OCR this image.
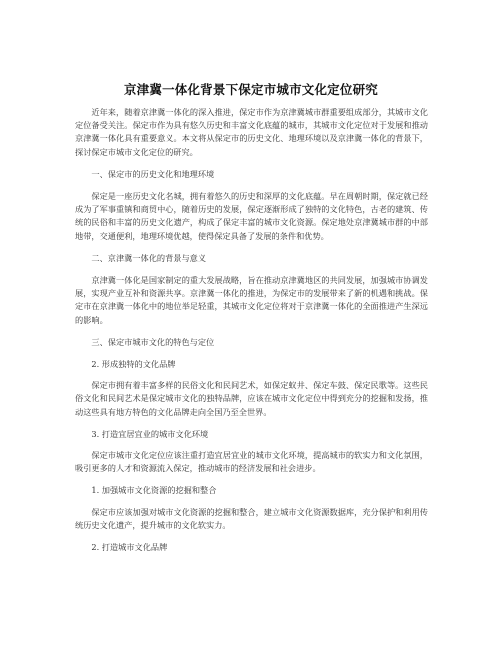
京津冀一体化背景下保定市城市文化定位研究

近年来，随着京津冀一体化的深入推进，保定市作为京津冀城市群重要组成部分，其城市文化定位备受关注。保定市作为具有悠久历史和丰富文化底蕴的城市，其城市文化定位对于发展和推动京津冀一体化具有重要意义。本文将从保定市的历史文化、地理环境以及京津冀一体化的背景下，探讨保定市城市文化定位的研究。

一、保定市的历史文化和地理环境

保定是一座历史文化名城，拥有着悠久的历史和深厚的文化底蕴。早在周朝时期，保定就已经成为了军事重镇和商贸中心，随着历史的发展，保定逐渐形成了独特的文化特色，古老的建筑、传统的民俗和丰富的历史文化遗产，构成了保定丰富的城市文化资源。保定地处京津冀城市群的中部地带，交通便利，地理环境优越，使得保定具备了发展的条件和优势。

二、京津冀一体化的背景与意义

京津冀一体化是国家制定的重大发展战略，旨在推动京津冀地区的共同发展，加强城市协调发展，实现产业互补和资源共享。京津冀一体化的推进，为保定市的发展带来了新的机遇和挑战。保定市在京津冀一体化中的地位举足轻重，其城市文化定位将对于京津冀一体化的全面推进产生深远的影响。

三、保定市城市文化的特色与定位

2. 形成独特的文化品牌

保定市拥有着丰富多样的民俗文化和民间艺术，如保定蚁井、保定车鼓、保定民歌等。这些民俗文化和民间艺术是保定城市文化的独特品牌，应该在城市文化定位中得到充分的挖掘和发扬，推动这些具有地方特色的文化品牌走向全国乃至全世界。

3. 打造宜居宜业的城市文化环境

保定市城市文化定位应该注重打造宜居宜业的城市文化环境，提高城市的软实力和文化氛围，吸引更多的人才和资源流入保定，推动城市的经济发展和社会进步。

1. 加强城市文化资源的挖掘和整合

保定市应该加强对城市文化资源的挖掘和整合，建立城市文化资源数据库，充分保护和利用传统历史文化遗产，提升城市的文化软实力。

2. 打造城市文化品牌
